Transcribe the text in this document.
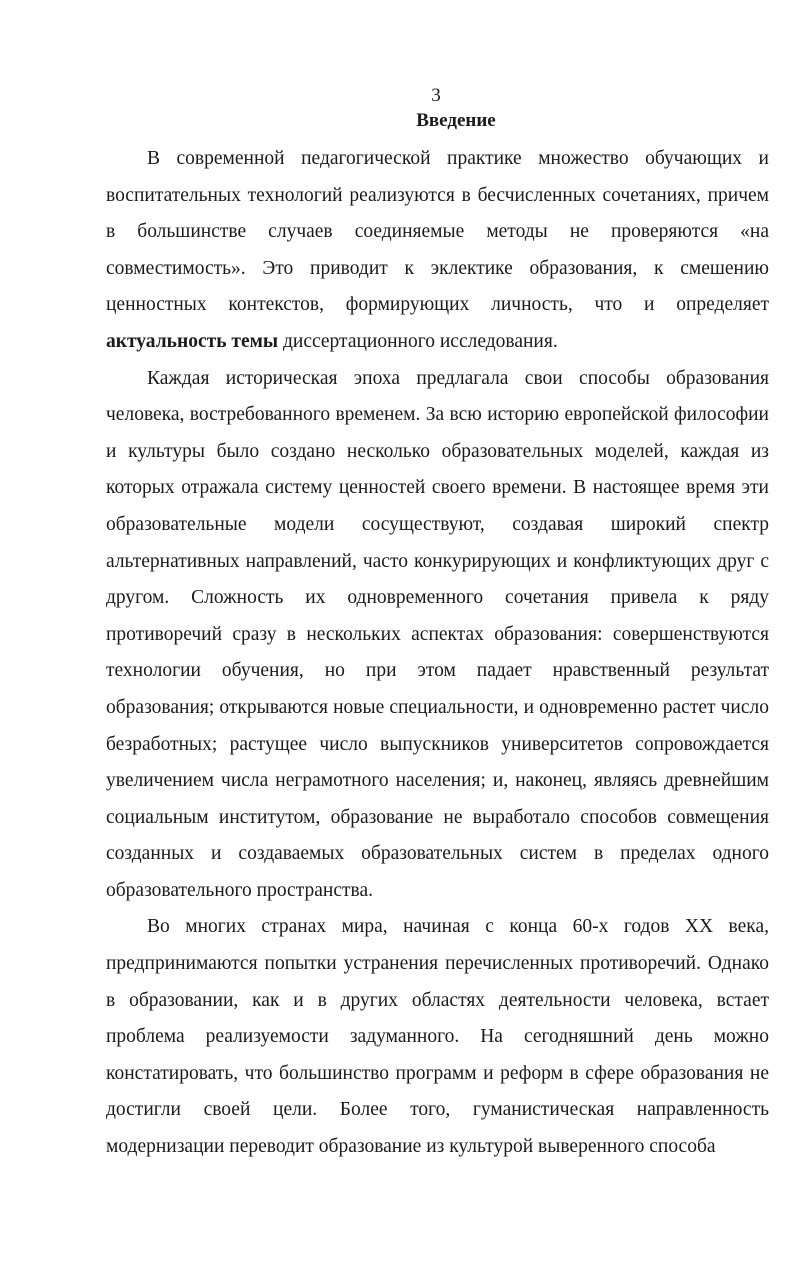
3
Введение

В современной педагогической практике множество обучающих и воспитательных технологий реализуются в бесчисленных сочетаниях, причем в большинстве случаев соединяемые методы не проверяются «на совместимость». Это приводит к эклектике образования, к смешению ценностных контекстов, формирующих личность, что и определяет актуальность темы диссертационного исследования.

Каждая историческая эпоха предлагала свои способы образования человека, востребованного временем. За всю историю европейской философии и культуры было создано несколько образовательных моделей, каждая из которых отражала систему ценностей своего времени. В настоящее время эти образовательные модели сосуществуют, создавая широкий спектр альтернативных направлений, часто конкурирующих и конфликтующих друг с другом. Сложность их одновременного сочетания привела к ряду противоречий сразу в нескольких аспектах образования: совершенствуются технологии обучения, но при этом падает нравственный результат образования; открываются новые специальности, и одновременно растет число безработных; растущее число выпускников университетов сопровождается увеличением числа неграмотного населения; и, наконец, являясь древнейшим социальным институтом, образование не выработало способов совмещения созданных и создаваемых образовательных систем в пределах одного образовательного пространства.

Во многих странах мира, начиная с конца 60-х годов XX века, предпринимаются попытки устранения перечисленных противоречий. Однако в образовании, как и в других областях деятельности человека, встает проблема реализуемости задуманного. На сегодняшний день можно констатировать, что большинство программ и реформ в сфере образования не достигли своей цели. Более того, гуманистическая направленность модернизации переводит образование из культурой выверенного способа
